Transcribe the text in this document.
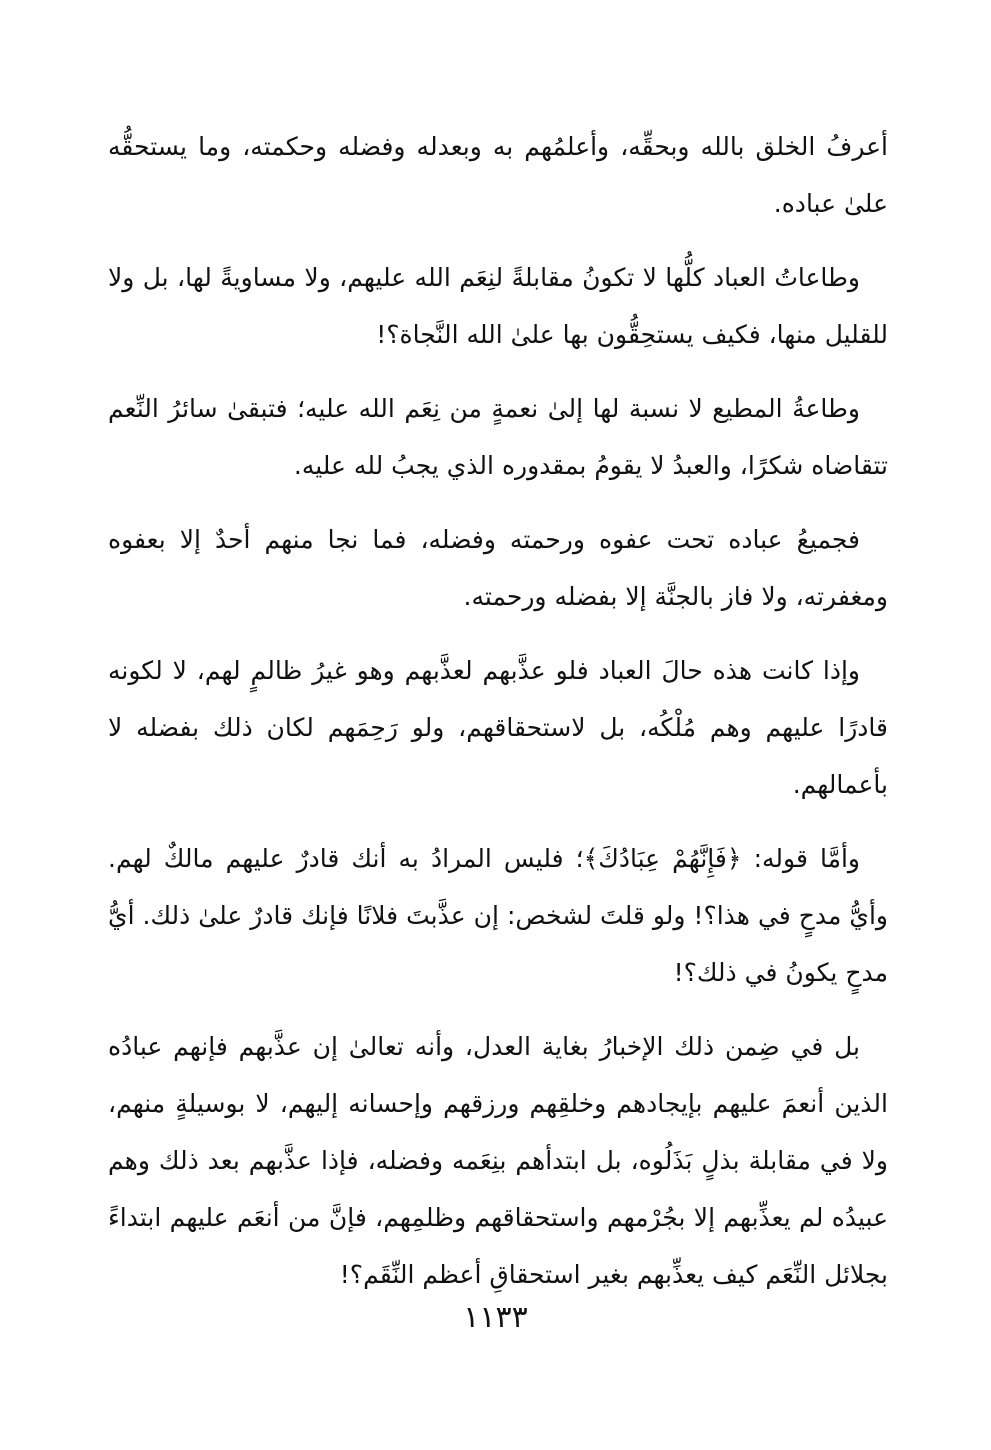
أعرفُ الخلق بالله وبحقِّه، وأعلمُهم به وبعدله وفضله وحكمته، وما يستحقُّه علىٰ عباده.

وطاعاتُ العباد كلُّها لا تكونُ مقابلةً لنِعَم الله عليهم، ولا مساويةً لها، بل ولا للقليل منها، فكيف يستحِقُّون بها علىٰ الله النَّجاة؟!

وطاعةُ المطيع لا نسبة لها إلىٰ نعمةٍ من نِعَم الله عليه؛ فتبقىٰ سائرُ النِّعم تتقاضاه شكرًا، والعبدُ لا يقومُ بمقدوره الذي يجبُ لله عليه.

فجميعُ عباده تحت عفوه ورحمته وفضله، فما نجا منهم أحدٌ إلا بعفوه ومغفرته، ولا فاز بالجنَّة إلا بفضله ورحمته.

وإذا كانت هذه حالَ العباد فلو عذَّبهم لعذَّبهم وهو غيرُ ظالمٍ لهم، لا لكونه قادرًا عليهم وهم مُلْكُه، بل لاستحقاقهم، ولو رَحِمَهم لكان ذلك بفضله لا بأعمالهم.

وأمَّا قوله: ﴿فَإِنَّهُمْ عِبَادُكَ﴾؛ فليس المرادُ به أنك قادرٌ عليهم مالكٌ لهم. وأيُّ مدحٍ في هذا؟! ولو قلتَ لشخص: إن عذَّبتَ فلانًا فإنك قادرٌ علىٰ ذلك. أيُّ مدحٍ يكونُ في ذلك؟!

بل في ضِمن ذلك الإخبارُ بغاية العدل، وأنه تعالىٰ إن عذَّبهم فإنهم عبادُه الذين أنعمَ عليهم بإيجادهم وخلقِهم ورزقهم وإحسانه إليهم، لا بوسيلةٍ منهم، ولا في مقابلة بذلٍ بَذَلُوه، بل ابتدأهم بنِعَمه وفضله، فإذا عذَّبهم بعد ذلك وهم عبيدُه لم يعذِّبهم إلا بجُرْمهم واستحقاقهم وظلمِهم، فإنَّ من أنعَم عليهم ابتداءً بجلائل النِّعَم كيف يعذِّبهم بغير استحقاقِ أعظم النِّقَم؟!

١١٣٣
